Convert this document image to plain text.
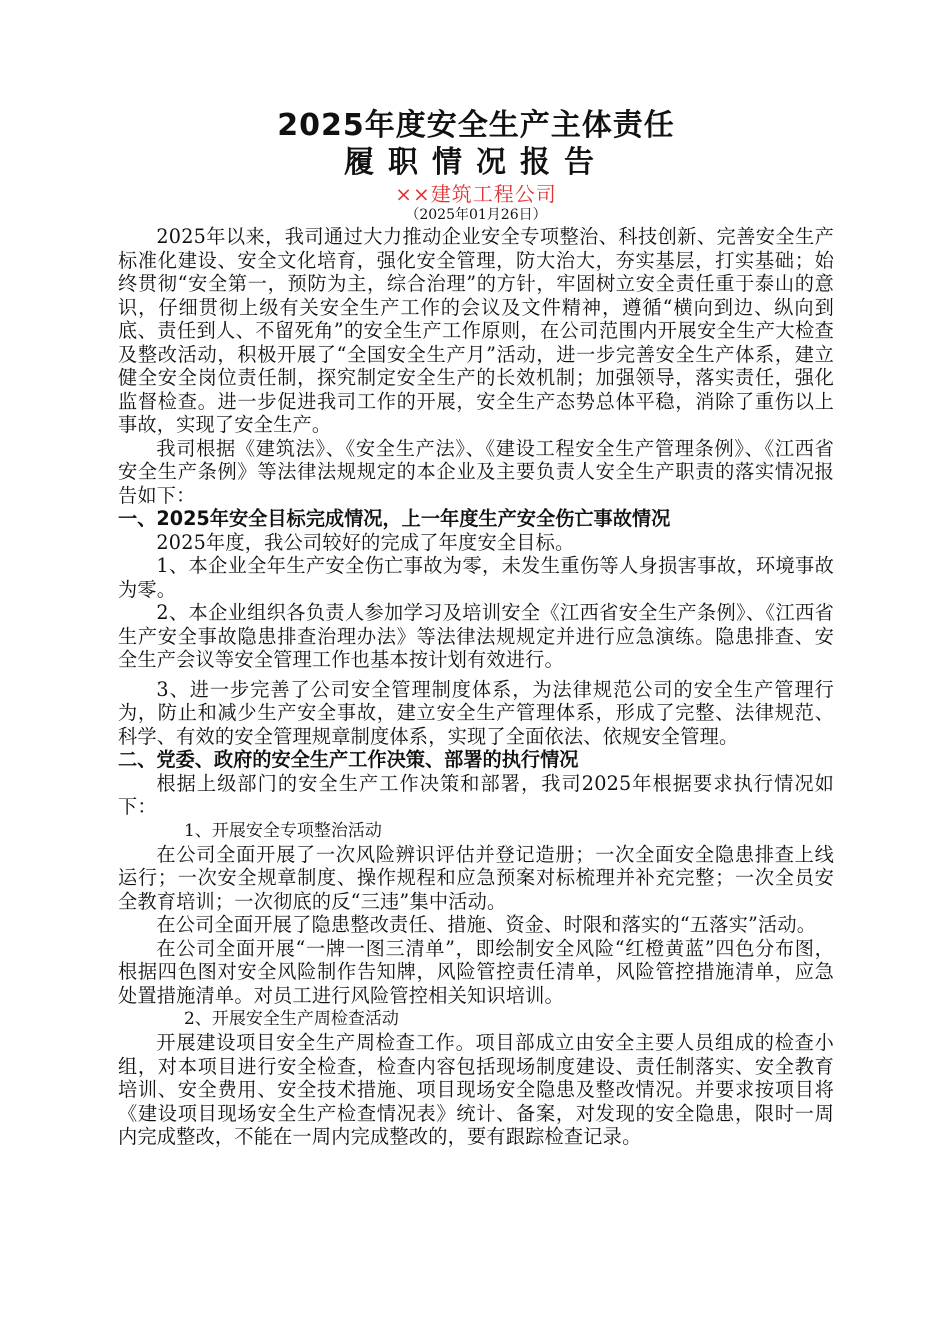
2025年度安全生产主体责任
履职情况报告

××建筑工程公司

（2025年01月26日）

2025年以来，我司通过大力推动企业安全专项整治、科技创新、完善安全生产标准化建设、安全文化培育，强化安全管理，防大治大，夯实基层，打实基础；始终贯彻“安全第一，预防为主，综合治理”的方针，牢固树立安全责任重于泰山的意识，仔细贯彻上级有关安全生产工作的会议及文件精神，遵循“横向到边、纵向到底、责任到人、不留死角”的安全生产工作原则，在公司范围内开展安全生产大检查及整改活动，积极开展了“全国安全生产月”活动，进一步完善安全生产体系，建立健全安全岗位责任制，探究制定安全生产的长效机制；加强领导，落实责任，强化监督检查。进一步促进我司工作的开展，安全生产态势总体平稳，消除了重伤以上事故，实现了安全生产。

我司根据《建筑法》、《安全生产法》、《建设工程安全生产管理条例》、《江西省安全生产条例》等法律法规规定的本企业及主要负责人安全生产职责的落实情况报告如下：

一、2025年安全目标完成情况，上一年度生产安全伤亡事故情况

2025年度，我公司较好的完成了年度安全目标。

1、本企业全年生产安全伤亡事故为零，未发生重伤等人身损害事故，环境事故为零。

2、本企业组织各负责人参加学习及培训安全《江西省安全生产条例》、《江西省生产安全事故隐患排查治理办法》等法律法规规定并进行应急演练。隐患排查、安全生产会议等安全管理工作也基本按计划有效进行。

3、进一步完善了公司安全管理制度体系，为法律规范公司的安全生产管理行为，防止和减少生产安全事故，建立安全生产管理体系，形成了完整、法律规范、科学、有效的安全管理规章制度体系，实现了全面依法、依规安全管理。

二、党委、政府的安全生产工作决策、部署的执行情况

根据上级部门的安全生产工作决策和部署，我司2025年根据要求执行情况如下：

1、开展安全专项整治活动

在公司全面开展了一次风险辨识评估并登记造册；一次全面安全隐患排查上线运行；一次安全规章制度、操作规程和应急预案对标梳理并补充完整；一次全员安全教育培训；一次彻底的反“三违”集中活动。

在公司全面开展了隐患整改责任、措施、资金、时限和落实的“五落实”活动。

在公司全面开展“一牌一图三清单”，即绘制安全风险“红橙黄蓝”四色分布图，根据四色图对安全风险制作告知牌，风险管控责任清单，风险管控措施清单，应急处置措施清单。对员工进行风险管控相关知识培训。

2、开展安全生产周检查活动

开展建设项目安全生产周检查工作。项目部成立由安全主要人员组成的检查小组，对本项目进行安全检查，检查内容包括现场制度建设、责任制落实、安全教育培训、安全费用、安全技术措施、项目现场安全隐患及整改情况。并要求按项目将《建设项目现场安全生产检查情况表》统计、备案，对发现的安全隐患，限时一周内完成整改，不能在一周内完成整改的，要有跟踪检查记录。
